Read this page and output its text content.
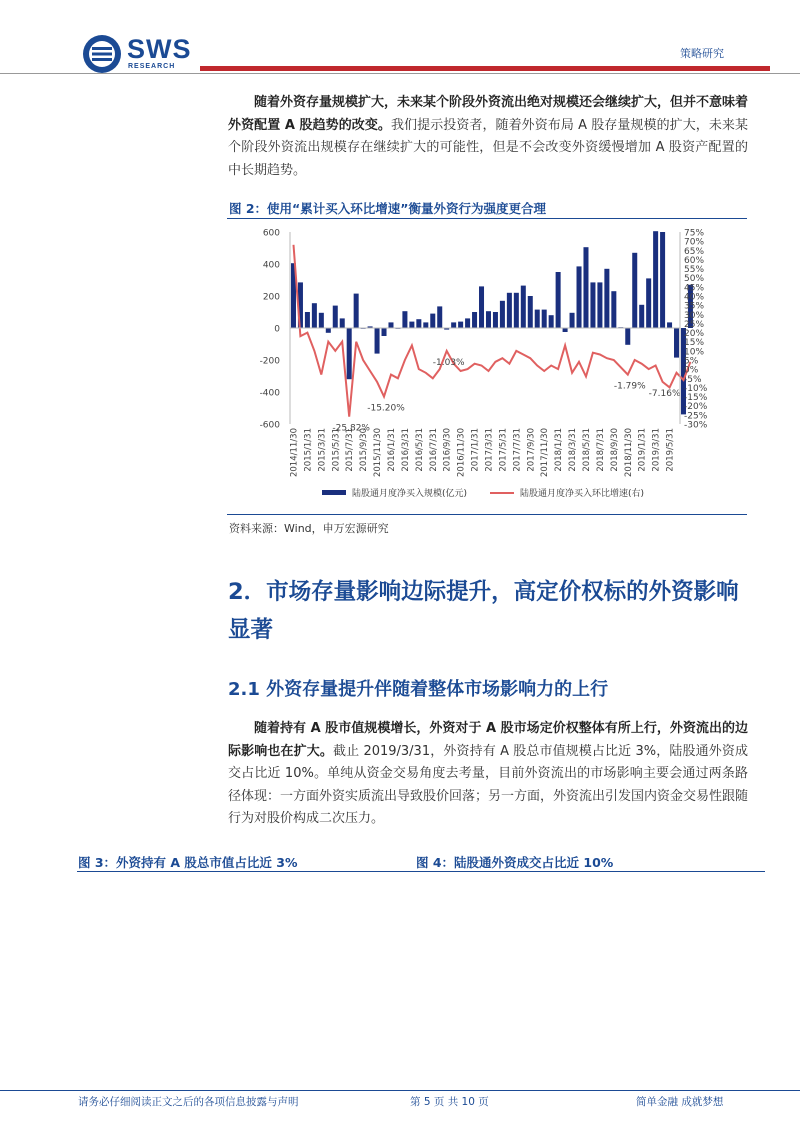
SWS
RESEARCH
策略研究

随着外资存量规模扩大，未来某个阶段外资流出绝对规模还会继续扩大，但并不意味着外资配置 A 股趋势的改变。我们提示投资者，随着外资布局 A 股存量规模的扩大，未来某个阶段外资流出规模存在继续扩大的可能性，但是不会改变外资缓慢增加 A 股资产配置的中长期趋势。

图 2：使用“累计买入环比增速”衡量外资行为强度更合理
-25.82%
-15.20%
-1.03%
-1.79%
-7.16%
600
400
200
0
-200
-400
-600
75%
70%
65%
60%
55%
50%
45%
40%
35%
30%
25%
20%
15%
10%
5%
0%
-5%
-10%
-15%
-20%
-25%
-30%
2014/11/30 2015/1/31 2015/3/31 2015/5/31 2015/7/31 2015/9/30 2015/11/30 2016/1/31 2016/3/31 2016/5/31 2016/7/31 2016/9/30 2016/11/30 2017/1/31 2017/3/31 2017/5/31 2017/7/31 2017/9/30 2017/11/30 2018/1/31 2018/3/31 2018/5/31 2018/7/31 2018/9/30 2018/11/30 2019/1/31 2019/3/31 2019/5/31
陆股通月度净买入规模(亿元)	陆股通月度净买入环比增速(右)
资料来源：Wind，申万宏源研究
2．市场存量影响边际提升，高定价权标的外资影响显著
2.1 外资存量提升伴随着整体市场影响力的上行

随着持有 A 股市值规模增长，外资对于 A 股市场定价权整体有所上行，外资流出的边际影响也在扩大。截止 2019/3/31，外资持有 A 股总市值规模占比近 3%，陆股通外资成交占比近 10%。单纯从资金交易角度去考量，目前外资流出的市场影响主要会通过两条路径体现：一方面外资实质流出导致股价回落；另一方面，外资流出引发国内资金交易性跟随行为对股价构成二次压力。

图 3：外资持有 A 股总市值占比近 3%	图 4：陆股通外资成交占比近 10%
请务必仔细阅读正文之后的各项信息披露与声明	第 5 页 共 10 页	简单金融 成就梦想
